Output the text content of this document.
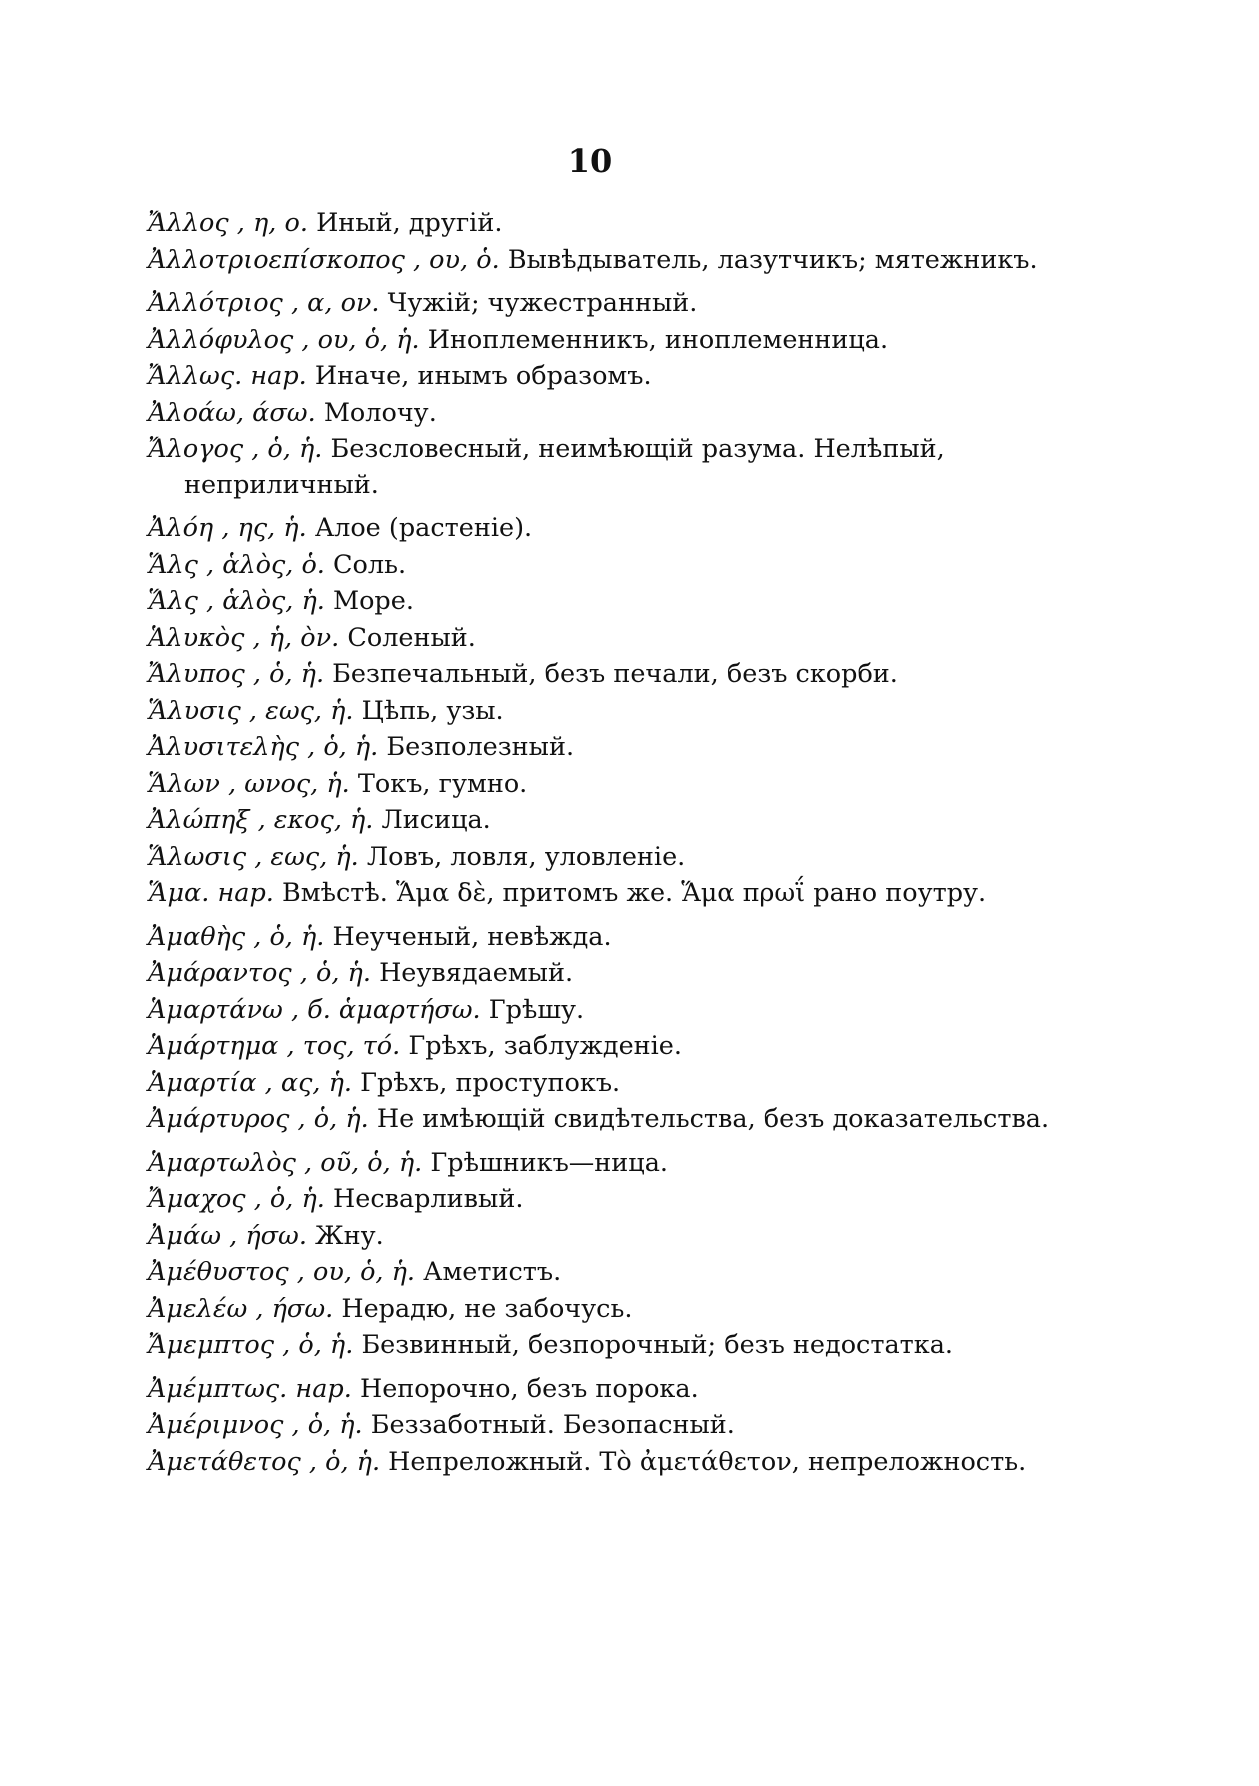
10

Ἄλλος , η, ο. Иный, другій.

Ἀλλοτριοεπίσκοπος , ου, ὁ. Вывѣдыватель, лазутчикъ; мятежникъ.

Ἀλλότριος , α, ον. Чужій; чужестранный.

Ἀλλόφυλος , ου, ὁ, ἡ. Иноплеменникъ, иноплеменница.

Ἄλλως. нар. Иначе, инымъ образомъ.

Ἀλοάω, άσω. Молочу.

Ἄλογος , ὁ, ἡ. Безсловесный, неимѣющій разума. Нелѣпый, неприличный.

Ἀλόη , ης, ἡ. Алое (растеніе).

Ἅλς , ἁλὸς, ὁ. Соль.

Ἅλς , ἁλὸς, ἡ. Море.

Ἁλυκὸς , ἡ, ὸν. Соленый.

Ἄλυπος , ὁ, ἡ. Безпечальный, безъ печали, безъ скорби.

Ἅλυσις , εως, ἡ. Цѣпь, узы.

Ἀλυσιτελὴς , ὁ, ἡ. Безполезный.

Ἅλων , ωνος, ἡ. Токъ, гумно.

Ἀλώπηξ , εκος, ἡ. Лисица.

Ἅλωσις , εως, ἡ. Ловъ, ловля, уловленіе.

Ἅμα. нар. Вмѣстѣ. Ἅμα δὲ, притомъ же. Ἅμα πρωΐ рано поутру.

Ἀμαθὴς , ὁ, ἡ. Неученый, невѣжда.

Ἀμάραντος , ὁ, ἡ. Неувядаемый.

Ἁμαρτάνω , б. ἁμαρτήσω. Грѣшу.

Ἁμάρτημα , τος, τό. Грѣхъ, заблужденіе.

Ἁμαρτία , ας, ἡ. Грѣхъ, проступокъ.

Ἀμάρτυρος , ὁ, ἡ. Не имѣющій свидѣтельства, безъ доказательства.

Ἁμαρτωλὸς , οῦ, ὁ, ἡ. Грѣшникъ—ница.

Ἄμαχος , ὁ, ἡ. Несварливый.

Ἀμάω , ήσω. Жну.

Ἀμέθυστος , ου, ὁ, ἡ. Аметистъ.

Ἀμελέω , ήσω. Нерадю, не забочусь.

Ἄμεμπτος , ὁ, ἡ. Безвинный, безпорочный; безъ недостатка.

Ἀμέμπτως. нар. Непорочно, безъ порока.

Ἀμέριμνος , ὁ, ἡ. Беззаботный. Безопасный.

Ἀμετάθετος , ὁ, ἡ. Непреложный. Τὸ ἀμετάθετον, непреложность.
